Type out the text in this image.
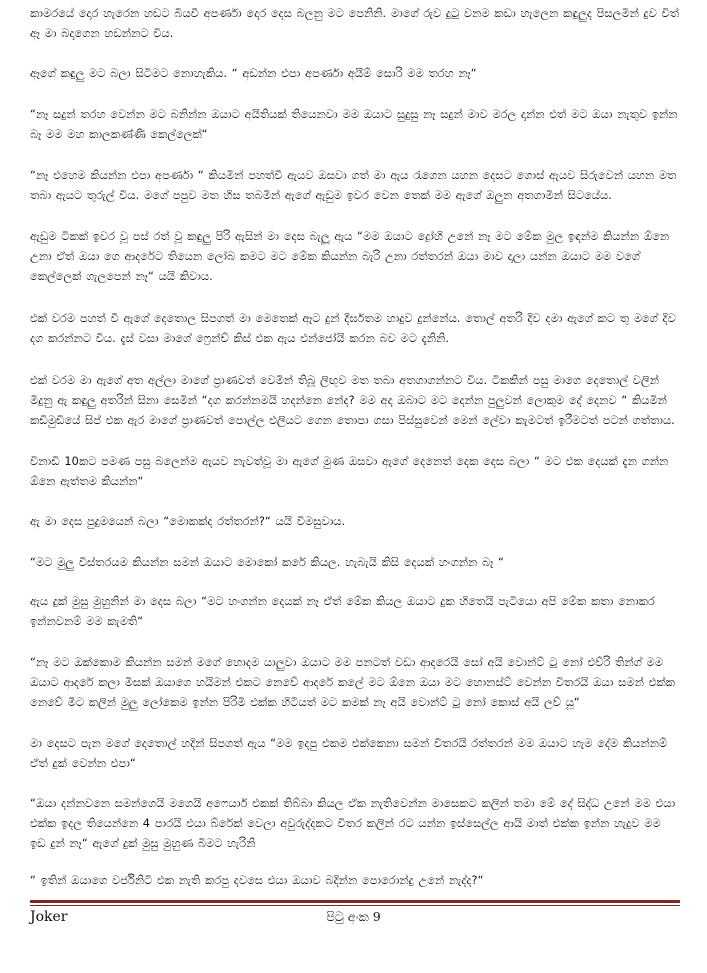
කාමරයේ දොර හැරෙන හඩට බියවී අපර්ණා දොර දෙස බලනු මට පෙනිනි. මාගේ රුව දුටු වනම කඩා හැලෙන කඳුලුද පිසලමින් දුව විත් ඈ මා බදාගෙන හඩන්නට විය.

ඈගේ කඳුලු මට බලා සිටිමට නොහැකිය. “ අඩන්න එපා අපර්ණා අයිම් සොරි මම තරහ නෑ“

“නෑ සදුන් තරහ වෙන්න මට බනින්න ඔයාට අයිතියක් තියෙනවා මම ඔයාට සුදුසු නෑ සදුන් මාව මරල දාන්න එත් මට ඔයා නැතුව ඉන්න බෑ මම මහ කාලකණ්ණි කෙල්ලෙක්“

“නෑ එහෙම කියන්න එපා අපර්ණා “ කියමින් පහත්වී ඇයව ඔසවා ගත් මා ඇය රැගෙන යහන දෙසට ගොස් ඇයව සිරුවෙන් යහන මත තබා ඇයට තුරුල් විය. මගේ පපුව මත හිස තබමින් ඇගේ ඇඩුම ඉවර වෙන තෙක් මම ඇගේ ඔලුන අතගාමින් සිටයේය.

ඇඩුම ටිකක් ඉවර වූ පස් රත් වූ කඳුලු පිරි ඇසින් මා දෙස බැලූ ඇය “මම ඔයාට ද්‍රෝහි උනේ නෑ මට මේක මුල ඉඳන්ම කියන්න ඕනෙ උනා ඒත් ඔයා ගෙ ආදරේට තියෙන ලෝබ කමට මට මේක කියන්න බැරි උනා රත්තරන් ඔයා මාව දාලා යන්න ඔයාට මම වගේ කෙල්ලෙක් ගැලපෙන් නෑ“ යයි කිවාය.

එක් වරම පහත් වී ඇගේ දෙතොල සිපගත් මා මෙතෙක් ඈට දුන් දීර්ඝතම හාදුව දුන්නේය. තොල් අතරි දිව දමා ඇගේ කට තු මගේ දිව දග කරන්නට විය. දැස් වසා මාගේ ෆ්‍රෙන්ච් කිස් එක ඇය එන්ජෝයි කරන බව මට දැනිනි.

එක් වරම මා ඇගේ අත අල්ලා මාගේ ප්‍රාණවත් වෙමින් තිබූ ලිඟුව මත තබා අතගාගන්නට විය. ටිකකින් පසු මාගෙ දෙතොල් වලින් මිදුනු ඇ කඳුලු අතරින් සිනා සෙමින් “දග කරන්නමයි හදන්නෙ නේද? මම අද ඔබාට මට දෙන්න පුලුවන් ලොකුම දේ දෙනව “ කියමින් කඩිමුඩියේ සිප් එක ඇර මාගේ ප්‍රාණවත් පොල්ල එලියට ගෙන තොපා ගසා පිස්සුවෙන් මෙන් ලේවා කැමටත් ඉරීමටත් පටන් ගත්තාය.

විනාඩි 10කට පමණ පසු බලෙන්ම ඇයව නැවත්වූ මා ඇගේ මුණ ඔසවා ඇගේ දෙනෙත් දෙක දෙස බලා “ මට එක දෙයක් දැන ගන්න ඕනෙ ඇත්තම කියන්න“

ඇ මා දෙස පුදුමයෙන් බලා “මොකක්ද රත්තරන්?“ යයි විමසුවාය.

“මට මුලු විස්තරයම කියන්න සමන් ඔයාට මොකෝ කරේ කියල. හැබැයි කිසි දෙයක් හංගන්න බෑ “

ඇය දුක් මුසු මුහුනින් මා දෙස බලා “මට හංගන්න දෙයක් නෑ ඒත් මේක කියල ඔයාට දුක හිතෙයි පැටියො අපි මේක කතා නොකර ඉන්නවනම් මම කැමති“

“නෑ මට ඔක්කොම කියන්න සමන් මගේ හොදම යාලුවා ඔයාට මම පනටත් වඩා ආදරෙයි සෝ අයි වොන්ට් ටු නෝ එව්රි තින්ග් මම ඔයාට ආදරේ කලා මිසක් ඔයාගෙ හයිමන් එකට නෙවේ ආදරේ කලේ මට ඕනෙ ඔයා මට හොනස්ට් වෙන්න විතරයි ඔයා සමන් එක්ක නෙවේ මීට කලින් මුලු ලෝකෙම ඉන්න පිරිමි එක්ක හිටියත් මට කමක් නෑ අයි වොන්ට් ටු නෝ කොස් අයි ලව් යූ“

මා දෙසට පැන මගේ දෙතොල් හදින් සිපගත් ඇය “මම ඉදපු එකම එක්කෙනා සමන් විතරයි රත්තරන් මම ඔයාට හැම දේම කියන්නම් ඒත් දුක් වෙන්න එපා“

“ඔයා දන්නවනෙ සමන්ගෙයි මගෙයි අෆෙයාර් එකක් තිබ්බා කියල ඒක නැතිවෙන්න මාසෙකට කලින් තමා මේ දේ සිද්ධ උනේ මම එයා එක්ක ඉදල තියෙන්නෙ 4 පාරයි එයා බ්රේක් වෙලා අවුරුද්දකට විතර කලින් රට යන්න ඉස්සෙල්ල ආයි මාත් එක්ක ඉන්න හැදුව මම ඉඩ දුන් නෑ“ ඇගේ දුක් මුසු මුහුණ බිමට හැරිනි

“ ඉතින් ඔයාගෙ වර්ජිනිටි එක නැති කරපු දවසෙ එයා ඔයාව බදින්න පොරොන්දු උනේ නැද්ද?“

Joker	පිටු අංක 9
